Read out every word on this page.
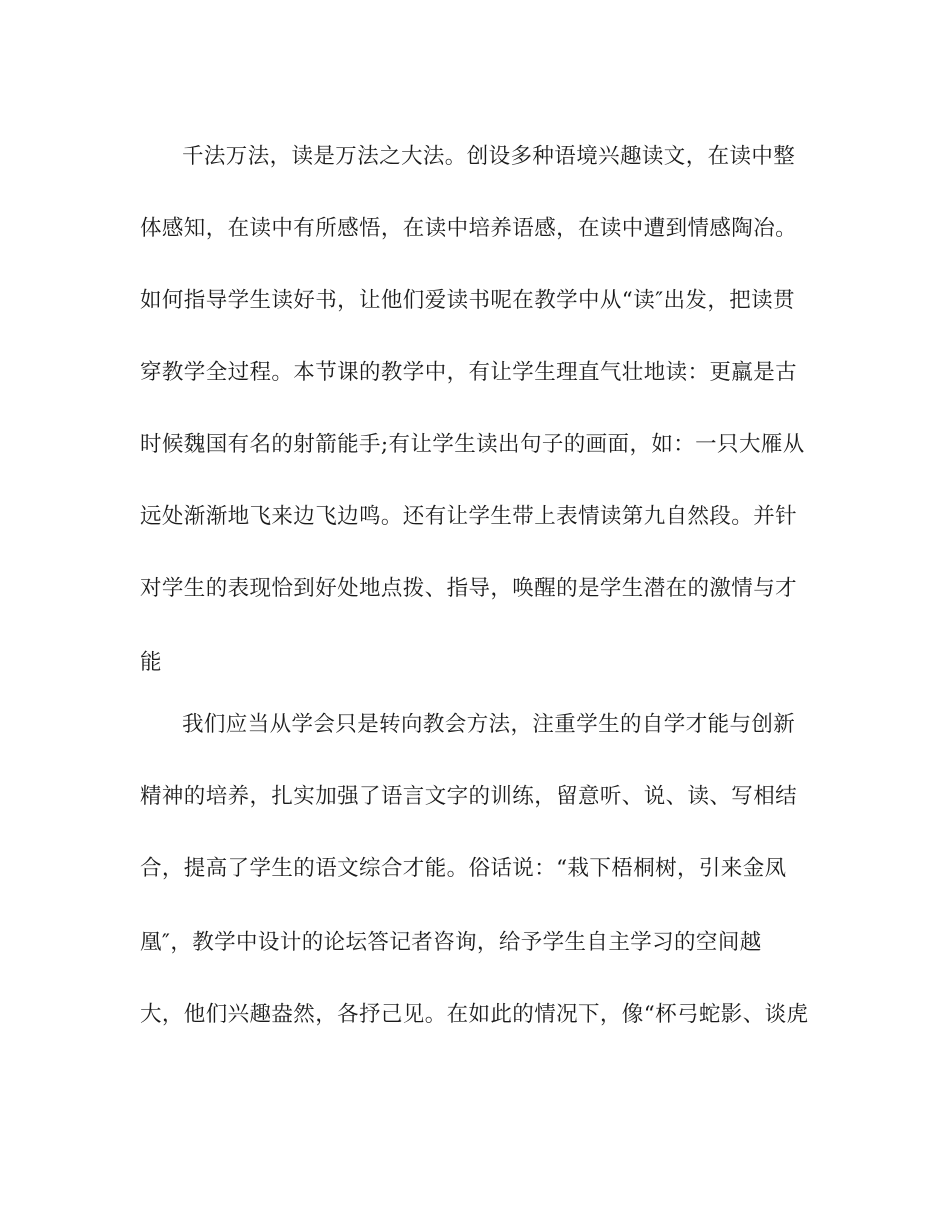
千法万法，读是万法之大法。创设多种语境兴趣读文，在读中整
体感知，在读中有所感悟，在读中培养语感，在读中遭到情感陶冶。
如何指导学生读好书，让他们爱读书呢在教学中从“读″出发，把读贯
穿教学全过程。本节课的教学中，有让学生理直气壮地读：更羸是古
时候魏国有名的射箭能手;有让学生读出句子的画面，如：一只大雁从
远处渐渐地飞来边飞边鸣。还有让学生带上表情读第九自然段。并针
对学生的表现恰到好处地点拨、指导，唤醒的是学生潜在的激情与才
能
我们应当从学会只是转向教会方法，注重学生的自学才能与创新
精神的培养，扎实加强了语言文字的训练，留意听、说、读、写相结
合，提高了学生的语文综合才能。俗话说：“栽下梧桐树，引来金凤
凰″，教学中设计的论坛答记者咨询，给予学生自主学习的空间越
大，他们兴趣盎然，各抒己见。在如此的情况下，像“杯弓蛇影、谈虎
